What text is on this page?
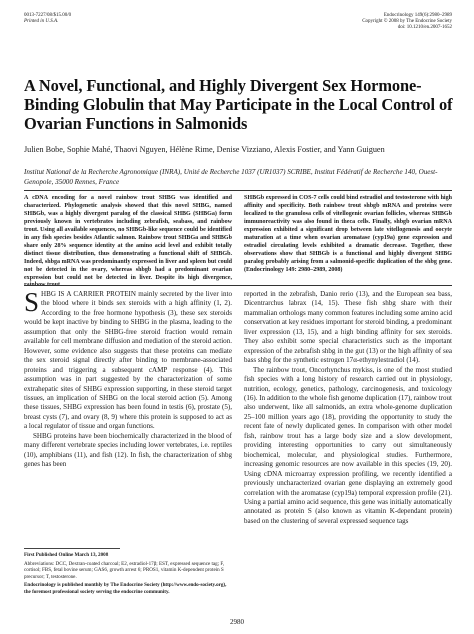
0013-7227/08/$15.00/0
Printed in U.S.A.
Endocrinology 149(6):2980–2989
Copyright © 2008 by The Endocrine Society
doi: 10.1210/en.2007-1652
A Novel, Functional, and Highly Divergent Sex Hormone-Binding Globulin that May Participate in the Local Control of Ovarian Functions in Salmonids
Julien Bobe, Sophie Mahé, Thaovi Nguyen, Hélène Rime, Denise Vizziano, Alexis Fostier, and Yann Guiguen
Institut National de la Recherche Agronomique (INRA), Unité de Recherche 1037 (UR1037) SCRIBE, Institut Fédératif de Recherche 140, Ouest-Genopole, 35000 Rennes, France
A cDNA encoding for a novel rainbow trout SHBG was identified and characterized. Phylogenetic analysis showed that this novel SHBG, named SHBGb, was a highly divergent paralog of the classical SHBG (SHBGa) form previously known in vertebrates including zebrafish, seabass, and rainbow trout. Using all available sequences, no SHBGb-like sequence could be identified in any fish species besides Atlantic salmon. Rainbow trout SHBGa and SHBGb share only 28% sequence identity at the amino acid level and exhibit totally distinct tissue distribution, thus demonstrating a functional shift of SHBGb. Indeed, shbga mRNA was predominantly expressed in liver and spleen but could not be detected in the ovary, whereas shbgb had a predominant ovarian expression but could not be detected in liver. Despite its high divergence,
SHBGb expressed in COS-7 cells could bind estradiol and testosterone with high affinity and specificity. Both rainbow trout shbgb mRNA and proteins were localized to the granulosa cells of vitellogenic ovarian follicles, whereas SHBGb immunoreactivity was also found in theca cells. Finally, shbgb ovarian mRNA expression exhibited a significant drop between late vitellogenesis and oocyte maturation at a time when ovarian aromatase (cyp19a) gene expression and estradiol circulating levels exhibited a dramatic decrease. Together, these observations show that SHBGb is a functional and highly divergent SHBG paralog probably arising from a salmonid-specific duplication of the shbg gene. (Endocrinology 149: 2980–2989, 2008)

SHBG IS A CARRIER PROTEIN mainly secreted by the liver into the blood where it binds sex steroids with a high affinity (1, 2). According to the free hormone hypothesis (3), these sex steroids would be kept inactive by binding to SHBG in the plasma, leading to the assumption that only the SHBG-free steroid fraction would remain available for cell membrane diffusion and mediation of the steroid action. However, some evidence also suggests that these proteins can mediate the sex steroid signal directly after binding to membrane-associated proteins and triggering a subsequent cAMP response (4). This assumption was in part suggested by the characterization of some extrahepatic sites of SHBG expression supporting, in these steroid target tissues, an implication of SHBG on the local steroid action (5). Among these tissues, SHBG expression has been found in testis (6), prostate (5), breast cysts (7), and ovary (8, 9) where this protein is supposed to act as a local regulator of tissue and organ functions.

SHBG proteins have been biochemically characterized in the blood of many different vertebrate species including lower vertebrates, i.e. reptiles (10), amphibians (11), and fish (12). In fish, the characterization of shbg genes has been

reported in the zebrafish, Danio rerio (13), and the European sea bass, Dicentrarchus labrax (14, 15). These fish shbg share with their mammalian orthologs many common features including some amino acid conservation at key residues important for steroid binding, a predominant liver expression (13, 15), and a high binding affinity for sex steroids. They also exhibit some special characteristics such as the important expression of the zebrafish shbg in the gut (13) or the high affinity of sea bass shbg for the synthetic estrogen 17α-ethynylestradiol (14).

The rainbow trout, Oncorhynchus mykiss, is one of the most studied fish species with a long history of research carried out in physiology, nutrition, ecology, genetics, pathology, carcinogenesis, and toxicology (16). In addition to the whole fish genome duplication (17), rainbow trout also underwent, like all salmonids, an extra whole-genome duplication 25–100 million years ago (18), providing the opportunity to study the recent fate of newly duplicated genes. In comparison with other model fish, rainbow trout has a large body size and a slow development, providing interesting opportunities to carry out simultaneously biochemical, molecular, and physiological studies. Furthermore, increasing genomic resources are now available in this species (19, 20). Using cDNA microarray expression profiling, we recently identified a previously uncharacterized ovarian gene displaying an extremely good correlation with the aromatase (cyp19a) temporal expression profile (21). Using a partial amino acid sequence, this gene was initially automatically annotated as protein S (also known as vitamin K-dependant protein) based on the clustering of several expressed sequence tags

First Published Online March 13, 2008

Abbreviations: DCC, Dextran-coated charcoal; E2, estradiol-17β; EST, expressed sequence tag; F, cortisol; FBS, fetal bovine serum; GAS6, growth arrest 6; PROS1, vitamin K-dependent protein S precursor; T, testosterone.

Endocrinology is published monthly by The Endocrine Society (http://www.endo-society.org), the foremost professional society serving the endocrine community.

2980
